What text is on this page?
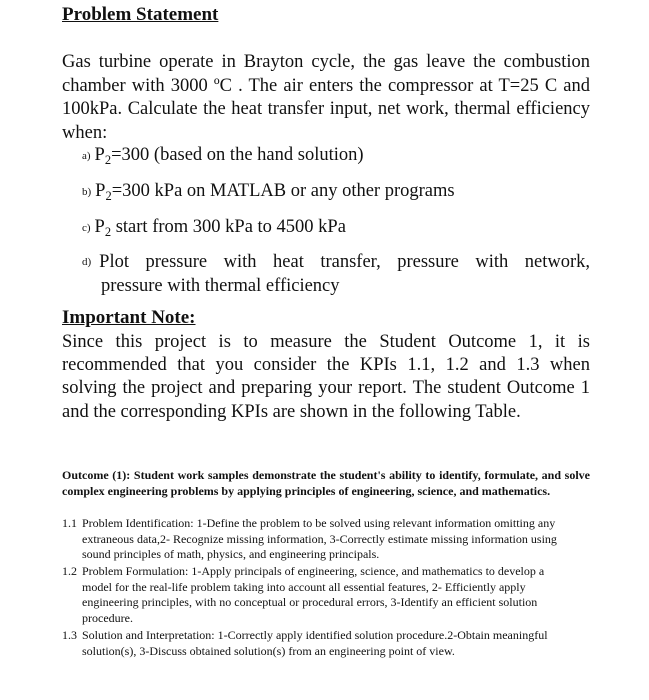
Problem Statement
Gas turbine operate in Brayton cycle, the gas leave the combustion chamber with 3000 ºC . The air enters the compressor at T=25 C and 100kPa. Calculate the heat transfer input, net work, thermal efficiency when:
a) $P_2=300$ (based on the hand solution)
b) $P_2=300$ kPa on MATLAB or any other programs
c) $P_2$ start from 300 kPa to 4500 kPa
d) Plot pressure with heat transfer, pressure with network,
pressure with thermal efficiency
Important Note:
Since this project is to measure the Student Outcome 1, it is recommended that you consider the KPIs 1.1, 1.2 and 1.3 when solving the project and preparing your report. The student Outcome 1 and the corresponding KPIs are shown in the following Table.
Outcome (1): Student work samples demonstrate the student's ability to identify, formulate, and solve complex engineering problems by applying principles of engineering, science, and mathematics.
1.1 Problem Identification: 1-Define the problem to be solved using relevant information omitting any extraneous data,2- Recognize missing information, 3-Correctly estimate missing information using sound principles of math, physics, and engineering principals.
1.2 Problem Formulation: 1-Apply principals of engineering, science, and mathematics to develop a model for the real-life problem taking into account all essential features, 2- Efficiently apply engineering principles, with no conceptual or procedural errors, 3-Identify an efficient solution procedure.
1.3 Solution and Interpretation: 1-Correctly apply identified solution procedure.2-Obtain meaningful solution(s), 3-Discuss obtained solution(s) from an engineering point of view.
